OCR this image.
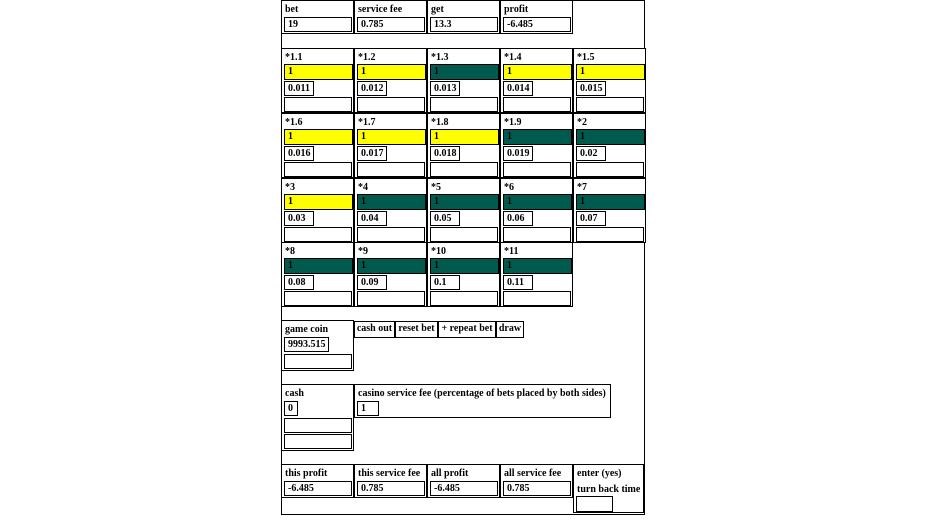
bet
19
service fee
0.785
get
13.3
profit
-6.485
*1.1
1
0.011
*1.2
1
0.012
*1.3
1
0.013
*1.4
1
0.014
*1.5
1
0.015
*1.6
1
0.016
*1.7
1
0.017
*1.8
1
0.018
*1.9
1
0.019
*2
1
0.02
*3
1
0.03
*4
1
0.04
*5
1
0.05
*6
1
0.06
*7
1
0.07
*8
1
0.08
*9
1
0.09
*10
1
0.1
*11
1
0.11
game coin
9993.515
cash out reset bet + repeat bet draw
cash
0
casino service fee (percentage of bets placed by both sides)
1
this profit
-6.485
this service fee
0.785
all profit
-6.485
all service fee
0.785
enter (yes)
turn back time
